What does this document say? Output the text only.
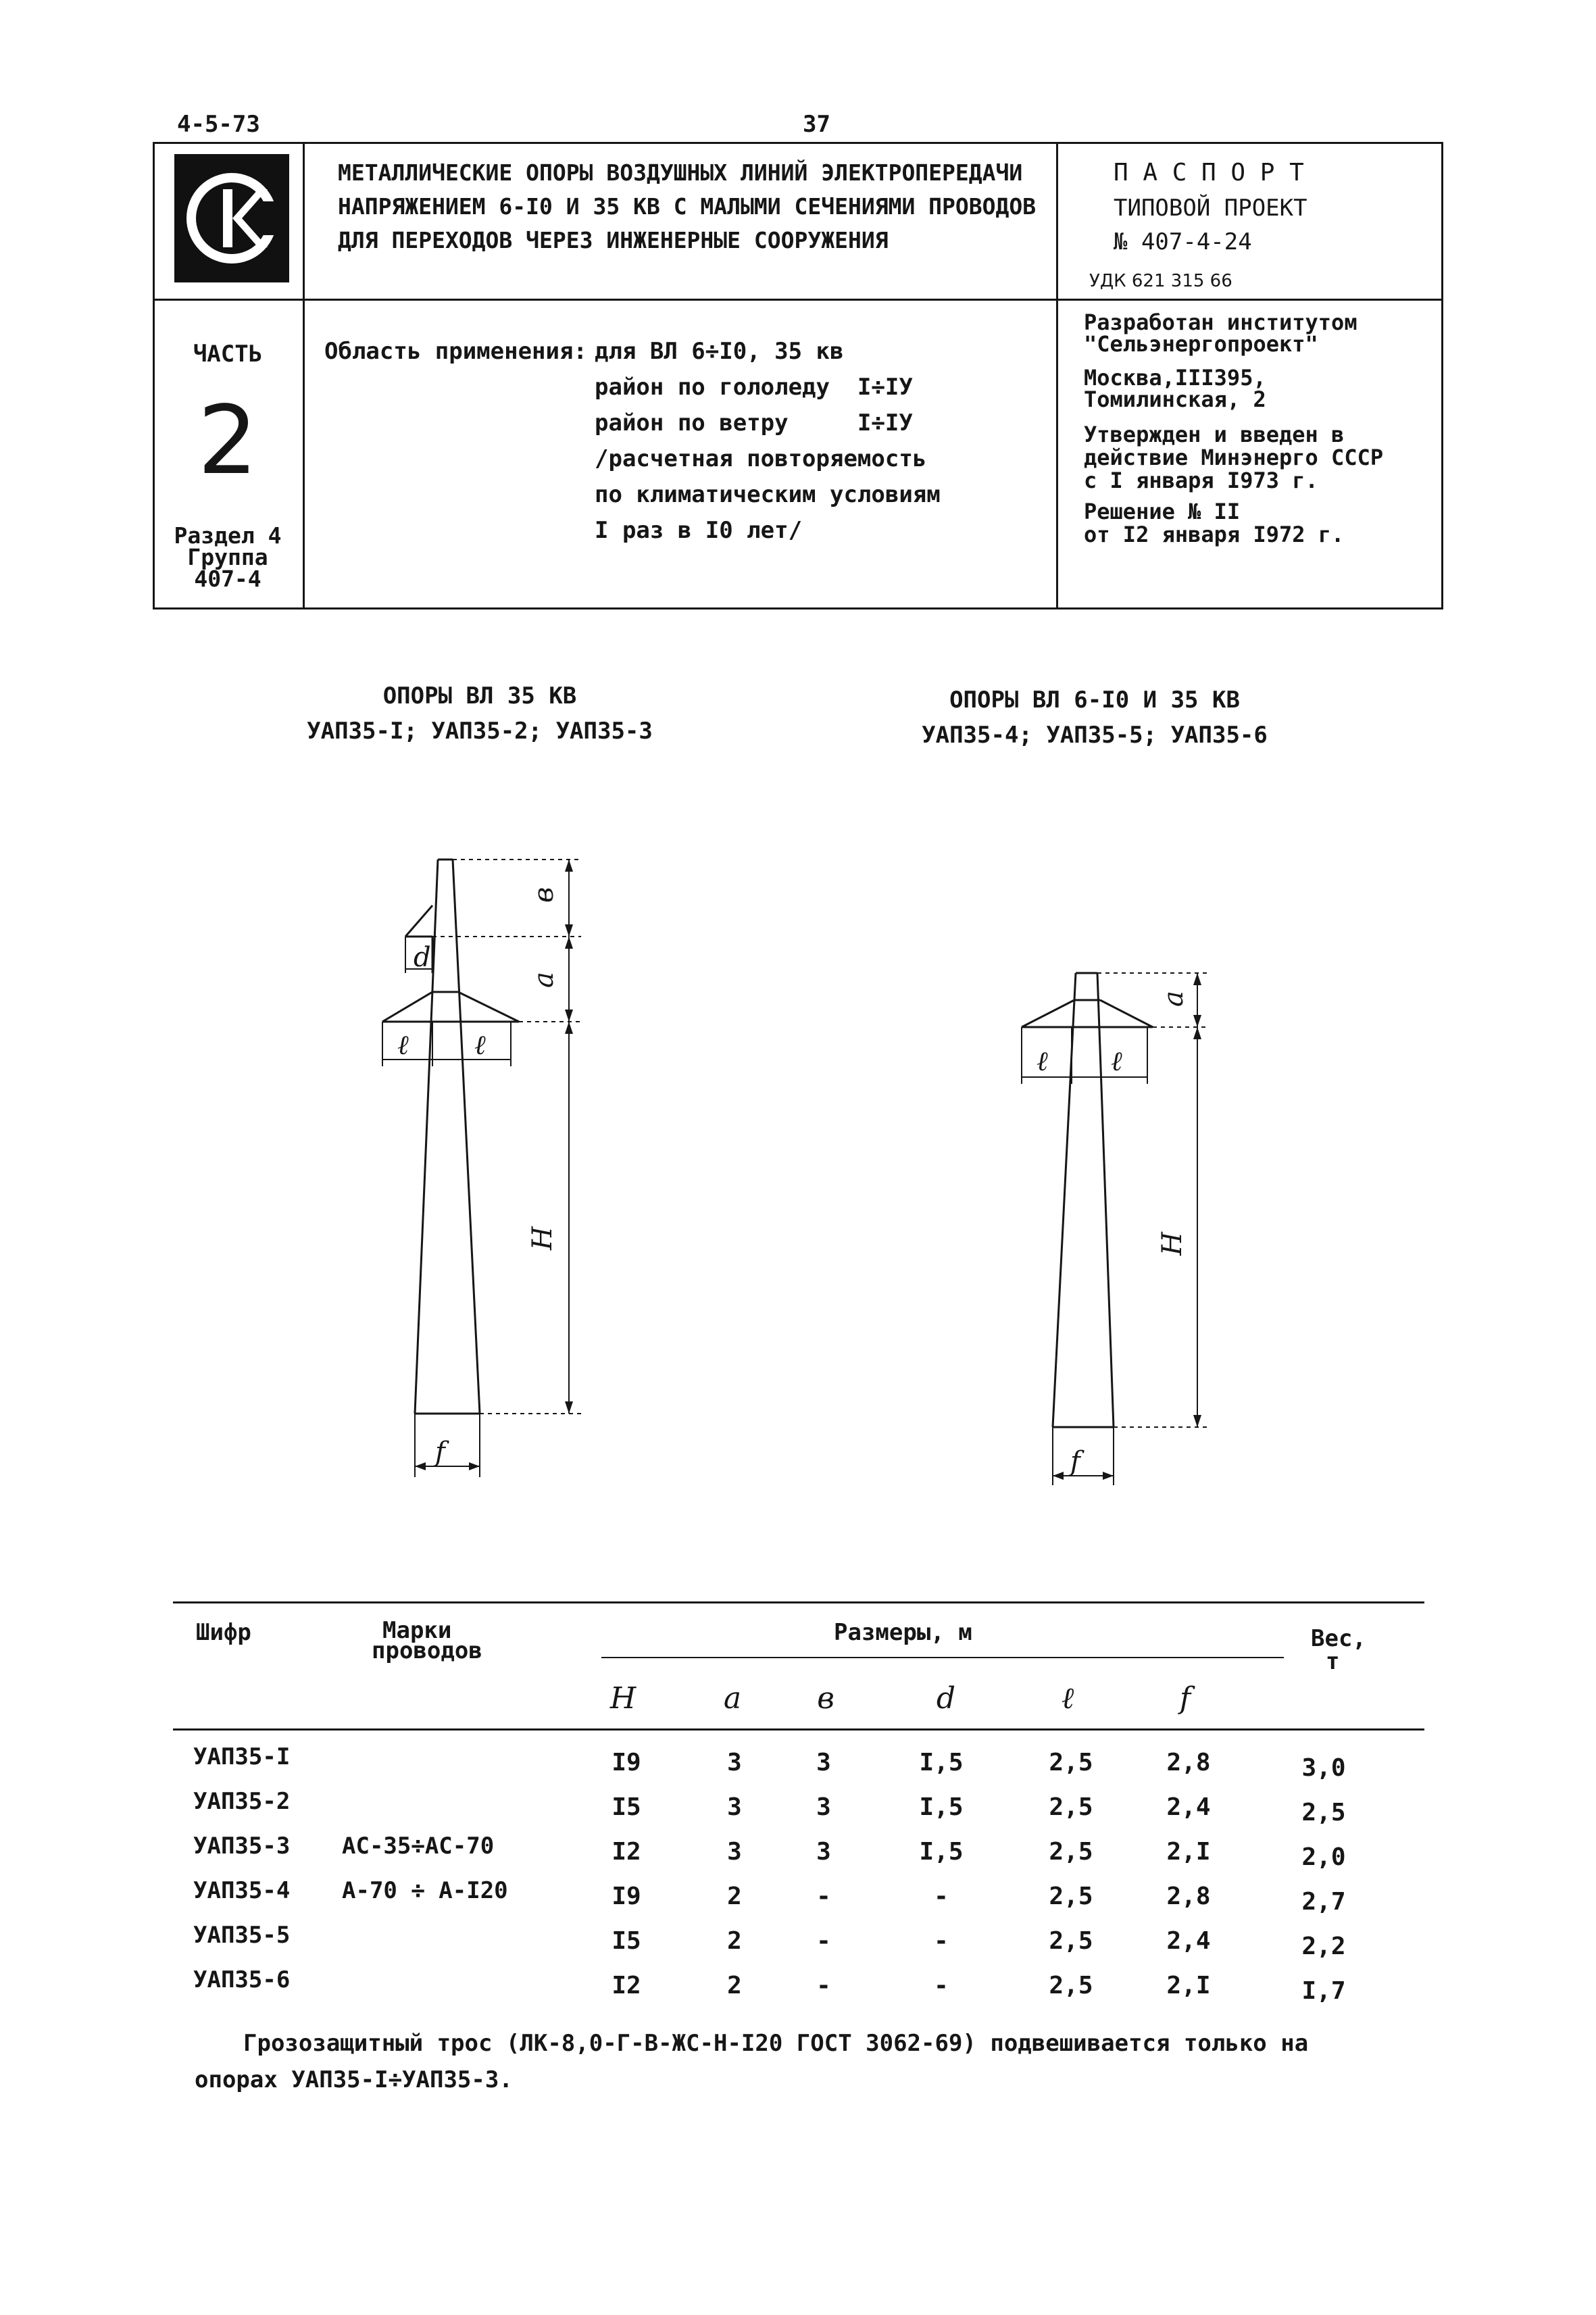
4-5-73	37
МЕТАЛЛИЧЕСКИЕ ОПОРЫ ВОЗДУШНЫХ ЛИНИЙ ЭЛЕКТРОПЕРЕДАЧИ
НАПРЯЖЕНИЕМ 6-I0 И 35 КВ С МАЛЫМИ СЕЧЕНИЯМИ ПРОВОДОВ
ДЛЯ ПЕРЕХОДОВ ЧЕРЕЗ ИНЖЕНЕРНЫЕ СООРУЖЕНИЯ
П А С П О Р Т
ТИПОВОЙ ПРОЕКТ
№ 407-4-24
УДК 621 315 66
ЧАСТЬ
2
Раздел 4
Группа
407-4
Область применения: для ВЛ 6÷I0, 35 кв
район по гололеду  I÷IУ
район по ветру     I÷IУ
/расчетная повторяемость
по климатическим условиям
I раз в I0 лет/
Разработан институтом
"Сельэнергопроект"
Москва,III395,
Томилинская, 2
Утвержден и введен в
действие Минэнерго СССР
с I января I973 г.
Решение № II
от I2 января I972 г.
ОПОРЫ ВЛ 35 КВ
УАП35-I; УАП35-2; УАП35-3
ОПОРЫ ВЛ 6-I0 И 35 КВ
УАП35-4; УАП35-5; УАП35-6
в
a
H
d
ℓ ℓ
f
a
H
ℓ ℓ
f
Шифр	Марки
проводов
Размеры, м	Вес,
т
H	a	в	d	ℓ	f
УАП35-I	I9	3	3	I,5	2,5	2,8	3,0
УАП35-2	I5	3	3	I,5	2,5	2,4	2,5
УАП35-3 АС-35÷АС-70	I2	3	3	I,5	2,5	2,I	2,0
УАП35-4 А-70 ÷ А-I20	I9	2	-	-	2,5	2,8	2,7
УАП35-5	I5	2	-	-	2,5	2,4	2,2
УАП35-6	I2	2	-	-	2,5	2,I	I,7
Грозозащитный трос (ЛК-8,0-Г-В-ЖС-Н-I20 ГОСТ 3062-69) подвешивается только на
опорах УАП35-I÷УАП35-3.
